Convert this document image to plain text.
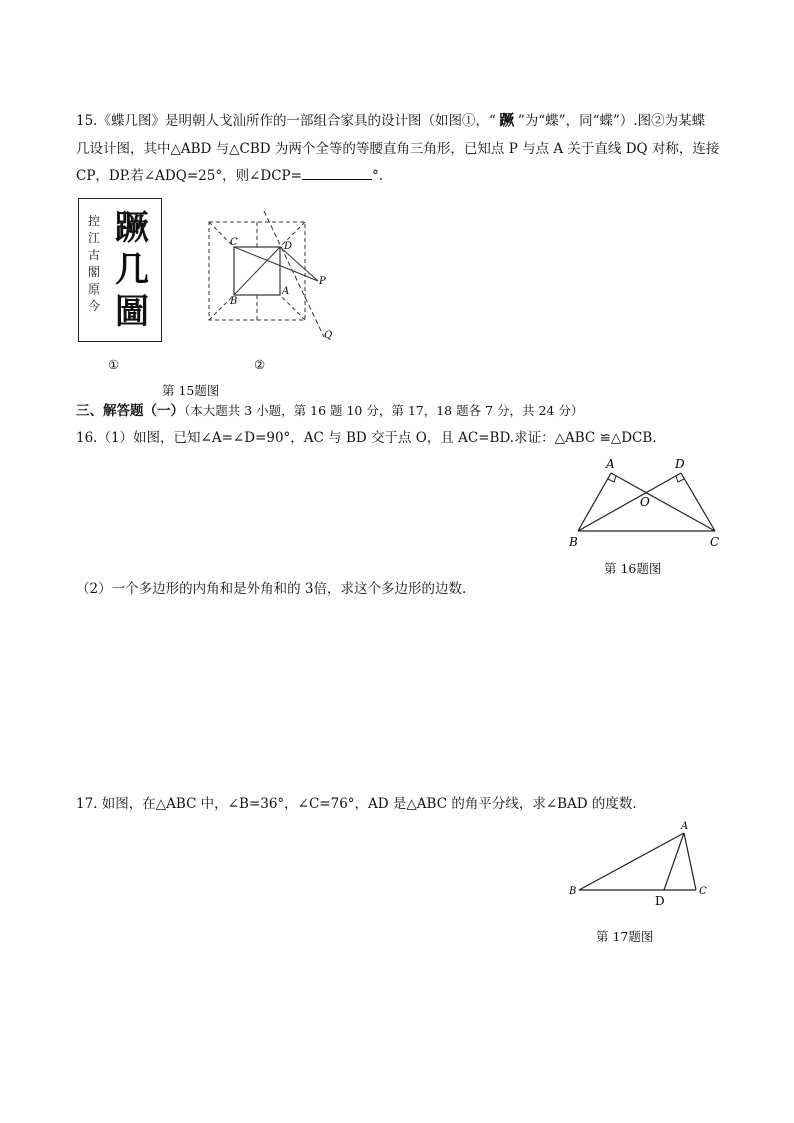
15.《蝶几图》是明朝人戈汕所作的一部组合家具的设计图（如图①，“ 蹶 ”为“蝶”，同“蝶”）.图②为某蝶
几设计图，其中△ABD 与△CBD 为两个全等的等腰直角三角形，已知点 P 与点 A 关于直线 DQ 对称，连接
CP，DP.若∠ADQ=25°，则∠DCP=	°.
控
江
古
閣
原
今
蹶
几
圖
①
C	D
B
A
P
Q
②
第 15题图
三、解答题（一）（本大题共 3 小题，第 16 题 10 分，第 17，18 题各 7 分，共 24 分）
16.（1）如图，已知∠A=∠D=90°，AC 与 BD 交于点 O，且 AC=BD.求证：△ABC ≌△DCB.
A	D
O
B	C
第 16题图
（2）一个多边形的内角和是外角和的 3倍，求这个多边形的边数.
17. 如图，在△ABC 中，∠B=36°，∠C=76°，AD 是△ABC 的角平分线，求∠BAD 的度数.
A
B	C
D
第 17题图
